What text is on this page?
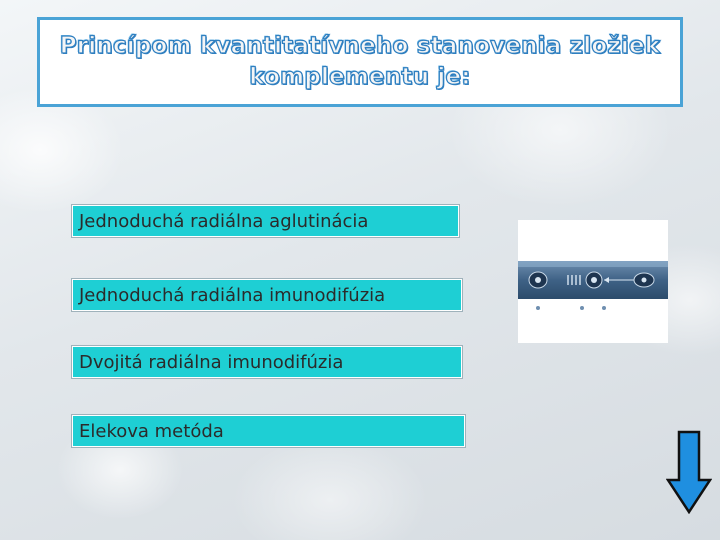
Princípom kvantitatívneho stanovenia zložiek
komplementu je:
Jednoduchá radiálna aglutinácia
Jednoduchá radiálna imunodifúzia
Dvojitá radiálna imunodifúzia
Elekova metóda
